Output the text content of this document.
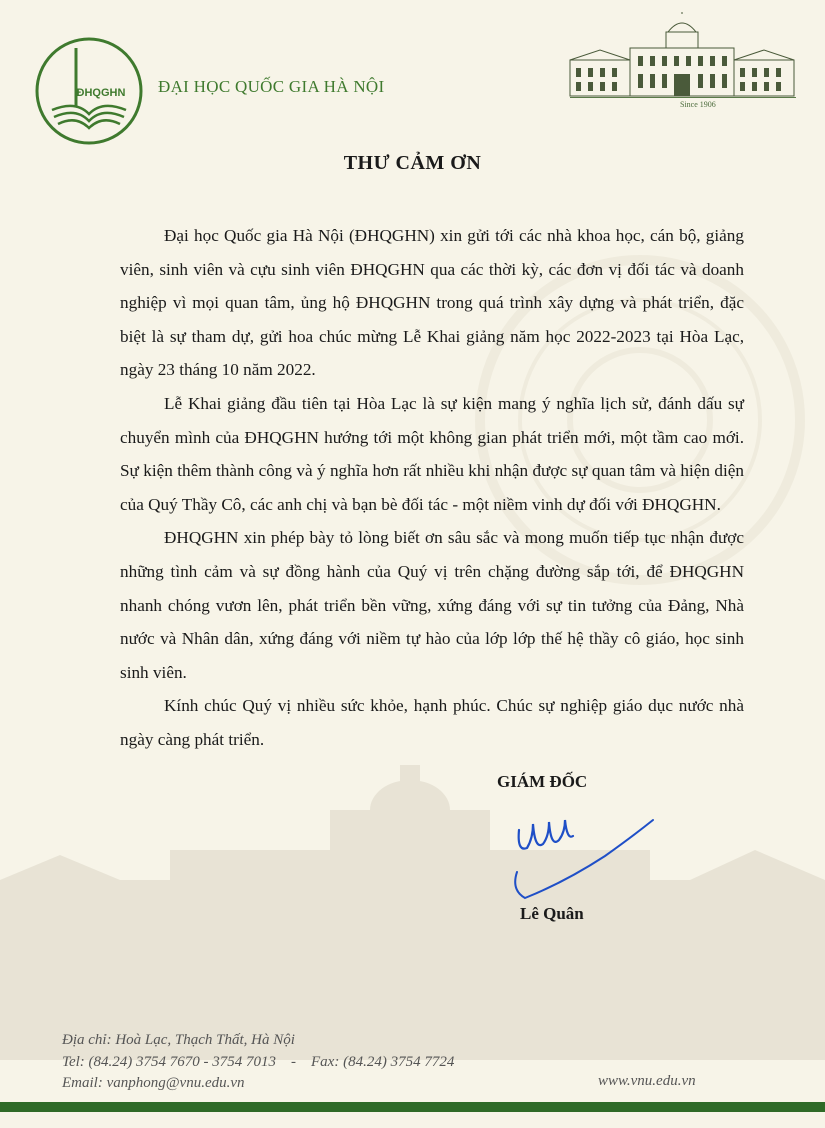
ĐHQGHN ĐẠI HỌC QUỐC GIA HÀ NỘI
Since 1906
THƯ CẢM ƠN

Đại học Quốc gia Hà Nội (ĐHQGHN) xin gửi tới các nhà khoa học, cán bộ, giảng viên, sinh viên và cựu sinh viên ĐHQGHN qua các thời kỳ, các đơn vị đối tác và doanh nghiệp vì mọi quan tâm, ủng hộ ĐHQGHN trong quá trình xây dựng và phát triển, đặc biệt là sự tham dự, gửi hoa chúc mừng Lễ Khai giảng năm học 2022-2023 tại Hòa Lạc, ngày 23 tháng 10 năm 2022.

Lễ Khai giảng đầu tiên tại Hòa Lạc là sự kiện mang ý nghĩa lịch sử, đánh dấu sự chuyển mình của ĐHQGHN hướng tới một không gian phát triển mới, một tầm cao mới. Sự kiện thêm thành công và ý nghĩa hơn rất nhiều khi nhận được sự quan tâm và hiện diện của Quý Thầy Cô, các anh chị và bạn bè đối tác - một niềm vinh dự đối với ĐHQGHN.

ĐHQGHN xin phép bày tỏ lòng biết ơn sâu sắc và mong muốn tiếp tục nhận được những tình cảm và sự đồng hành của Quý vị trên chặng đường sắp tới, để ĐHQGHN nhanh chóng vươn lên, phát triển bền vững, xứng đáng với sự tin tưởng của Đảng, Nhà nước và Nhân dân, xứng đáng với niềm tự hào của lớp lớp thế hệ thầy cô giáo, học sinh sinh viên.

Kính chúc Quý vị nhiều sức khỏe, hạnh phúc. Chúc sự nghiệp giáo dục nước nhà ngày càng phát triển.

GIÁM ĐỐC
Lê Quân
Địa chỉ: Hoà Lạc, Thạch Thất, Hà Nội
Tel: (84.24) 3754 7670 - 3754 7013    -    Fax: (84.24) 3754 7724
Email: vanphong@vnu.edu.vn	www.vnu.edu.vn
